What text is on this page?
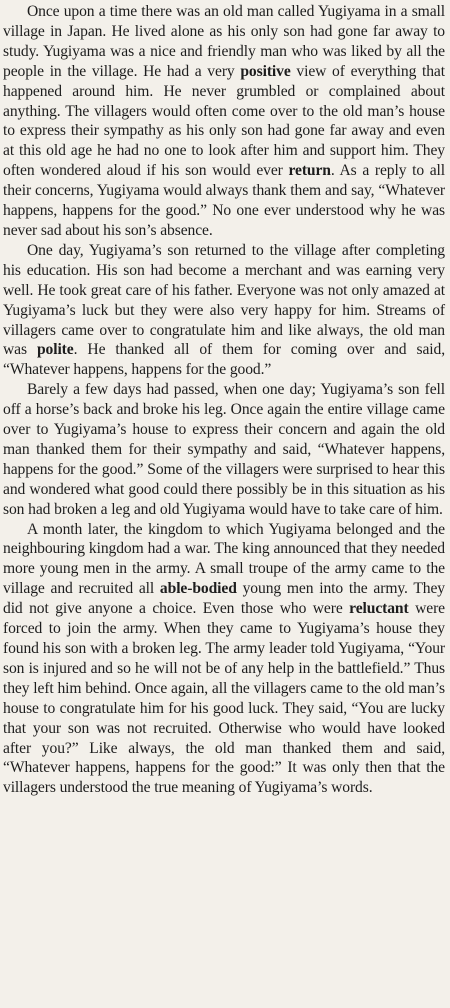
Once upon a time there was an old man called Yugiyama in a small village in Japan. He lived alone as his only son had gone far away to study. Yugiyama was a nice and friendly man who was liked by all the people in the village. He had a very positive view of everything that happened around him. He never grumbled or complained about anything. The villagers would often come over to the old man’s house to express their sympathy as his only son had gone far away and even at this old age he had no one to look after him and support him. They often wondered aloud if his son would ever return. As a reply to all their concerns, Yugiyama would always thank them and say, “Whatever happens, happens for the good.” No one ever understood why he was never sad about his son’s absence.

One day, Yugiyama’s son returned to the village after completing his education. His son had become a merchant and was earning very well. He took great care of his father. Everyone was not only amazed at Yugiyama’s luck but they were also very happy for him. Streams of villagers came over to congratulate him and like always, the old man was polite. He thanked all of them for coming over and said, “Whatever happens, happens for the good.”

Barely a few days had passed, when one day; Yugiyama’s son fell off a horse’s back and broke his leg. Once again the entire village came over to Yugiyama’s house to express their concern and again the old man thanked them for their sympathy and said, “Whatever happens, happens for the good.” Some of the villagers were surprised to hear this and wondered what good could there possibly be in this situation as his son had broken a leg and old Yugiyama would have to take care of him.

A month later, the kingdom to which Yugiyama belonged and the neighbouring kingdom had a war. The king announced that they needed more young men in the army. A small troupe of the army came to the village and recruited all able-bodied young men into the army. They did not give anyone a choice. Even those who were reluctant were forced to join the army. When they came to Yugiyama’s house they found his son with a broken leg. The army leader told Yugiyama, “Your son is injured and so he will not be of any help in the battlefield.” Thus they left him behind. Once again, all the villagers came to the old man’s house to congratulate him for his good luck. They said, “You are lucky that your son was not recruited. Otherwise who would have looked after you?” Like always, the old man thanked them and said, “Whatever happens, happens for the good:” It was only then that the villagers understood the true meaning of Yugiyama’s words.
